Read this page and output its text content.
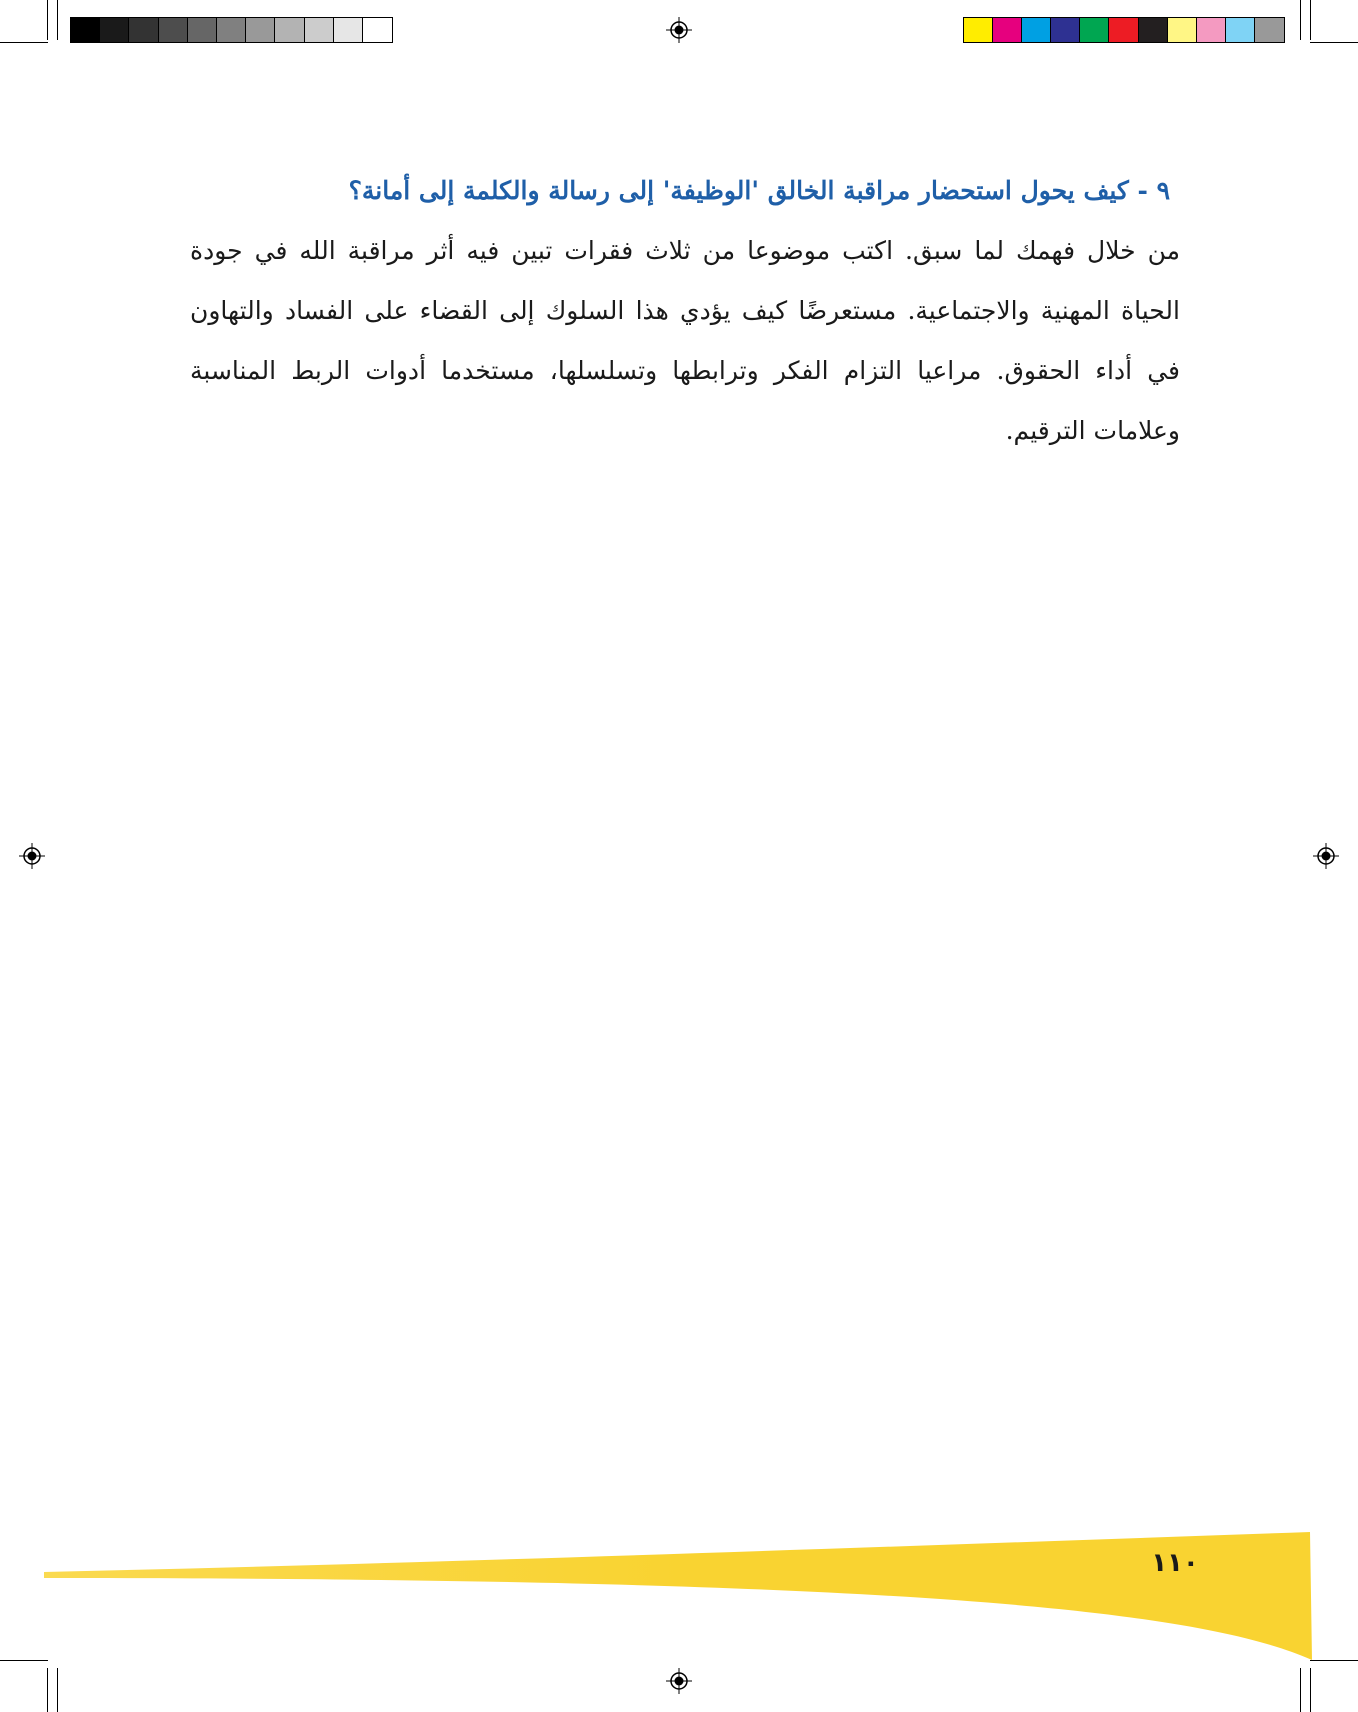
٩ - كيف يحول استحضار مراقبة الخالق 'الوظيفة' إلى رسالة والكلمة إلى أمانة؟

من خلال فهمك لما سبق. اكتب موضوعا من ثلاث فقرات تبين فيه أثر مراقبة الله في جودة الحياة المهنية والاجتماعية. مستعرضًا كيف يؤدي هذا السلوك إلى القضاء على الفساد والتهاون في أداء الحقوق. مراعيا التزام الفكر وترابطها وتسلسلها، مستخدما أدوات الربط المناسبة وعلامات الترقيم.

١١٠
